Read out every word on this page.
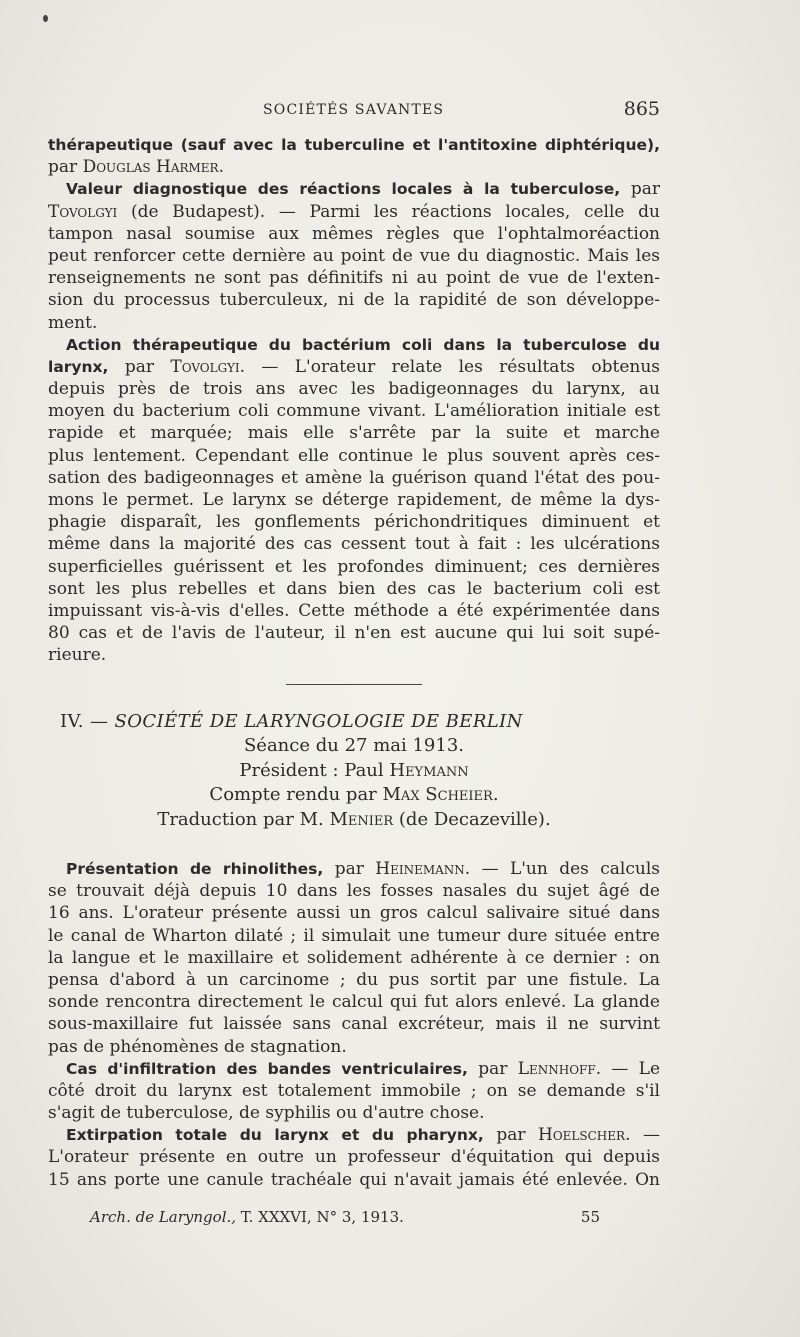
SOCIÉTÉS SAVANTES	865
thérapeutique (sauf avec la tuberculine et l'antitoxine diphtérique),
par Douglas Harmer.
Valeur diagnostique des réactions locales à la tuberculose, par
Tovolgyi (de Budapest). — Parmi les réactions locales, celle du
tampon nasal soumise aux mêmes règles que l'ophtalmoréaction
peut renforcer cette dernière au point de vue du diagnostic. Mais les
renseignements ne sont pas définitifs ni au point de vue de l'exten-
sion du processus tuberculeux, ni de la rapidité de son développe-
ment.
Action thérapeutique du bactérium coli dans la tuberculose du
larynx, par Tovolgyi. — L'orateur relate les résultats obtenus
depuis près de trois ans avec les badigeonnages du larynx, au
moyen du bacterium coli commune vivant. L'amélioration initiale est
rapide et marquée; mais elle s'arrête par la suite et marche
plus lentement. Cependant elle continue le plus souvent après ces-
sation des badigeonnages et amène la guérison quand l'état des pou-
mons le permet. Le larynx se déterge rapidement, de même la dys-
phagie disparaît, les gonflements périchondritiques diminuent et
même dans la majorité des cas cessent tout à fait : les ulcérations
superficielles guérissent et les profondes diminuent; ces dernières
sont les plus rebelles et dans bien des cas le bacterium coli est
impuissant vis-à-vis d'elles. Cette méthode a été expérimentée dans
80 cas et de l'avis de l'auteur, il n'en est aucune qui lui soit supé-
rieure.
IV. — SOCIÉTÉ DE LARYNGOLOGIE DE BERLIN
Séance du 27 mai 1913.
Président : Paul Heymann
Compte rendu par Max Scheier.
Traduction par M. Menier (de Decazeville).
Présentation de rhinolithes, par Heinemann. — L'un des calculs
se trouvait déjà depuis 10 dans les fosses nasales du sujet âgé de
16 ans. L'orateur présente aussi un gros calcul salivaire situé dans
le canal de Wharton dilaté ; il simulait une tumeur dure située entre
la langue et le maxillaire et solidement adhérente à ce dernier : on
pensa d'abord à un carcinome ; du pus sortit par une fistule. La
sonde rencontra directement le calcul qui fut alors enlevé. La glande
sous-maxillaire fut laissée sans canal excréteur, mais il ne survint
pas de phénomènes de stagnation.
Cas d'infiltration des bandes ventriculaires, par Lennhoff. — Le
côté droit du larynx est totalement immobile ; on se demande s'il
s'agit de tuberculose, de syphilis ou d'autre chose.
Extirpation totale du larynx et du pharynx, par Hoelscher. —
L'orateur présente en outre un professeur d'équitation qui depuis
15 ans porte une canule trachéale qui n'avait jamais été enlevée. On
Arch. de Laryngol., T. XXXVI, N° 3, 1913.	55
